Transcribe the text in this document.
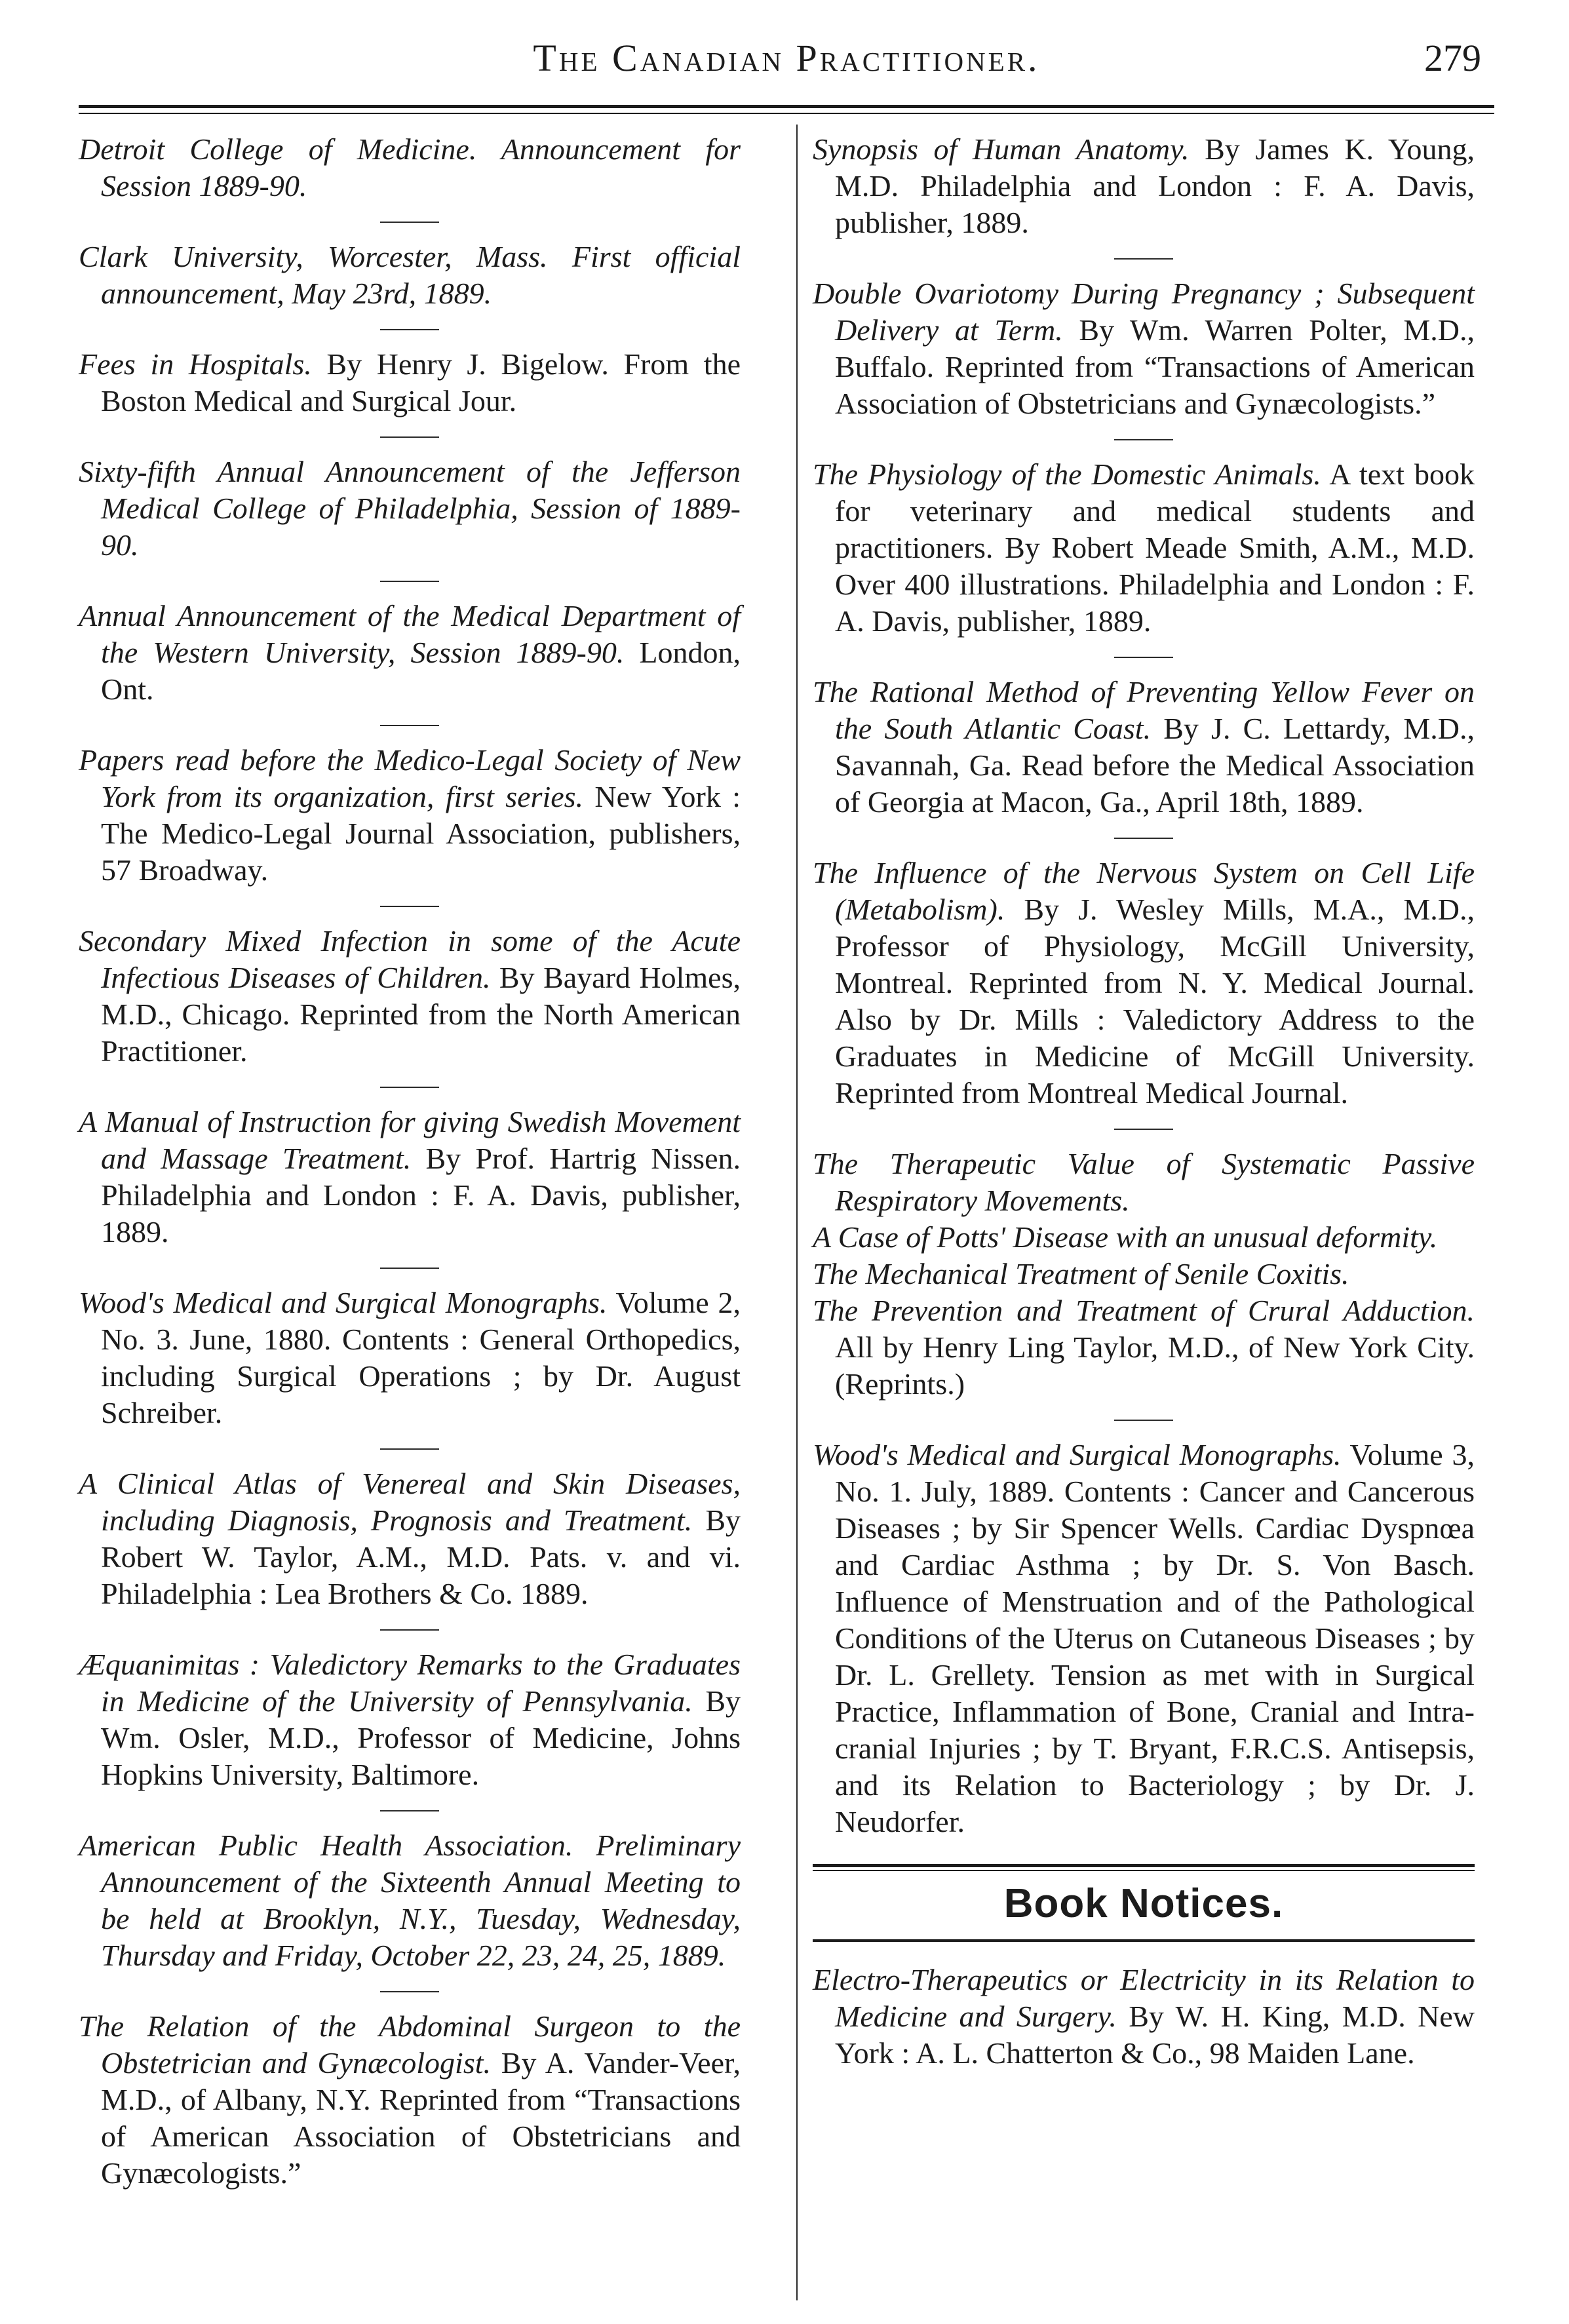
The Canadian Practitioner.	279

Detroit College of Medicine. Announcement for Session 1889-90.

Clark University, Worcester, Mass. First official announcement, May 23rd, 1889.

Fees in Hospitals. By Henry J. Bigelow. From the Boston Medical and Surgical Jour.

Sixty-fifth Annual Announcement of the Jefferson Medical College of Philadelphia, Session of 1889-90.

Annual Announcement of the Medical Department of the Western University, Session 1889-90. London, Ont.

Papers read before the Medico-Legal Society of New York from its organization, first series. New York : The Medico-Legal Journal Association, publishers, 57 Broadway.

Secondary Mixed Infection in some of the Acute Infectious Diseases of Children. By Bayard Holmes, M.D., Chicago. Reprinted from the North American Practitioner.

A Manual of Instruction for giving Swedish Movement and Massage Treatment. By Prof. Hartrig Nissen. Philadelphia and London : F. A. Davis, publisher, 1889.

Wood's Medical and Surgical Monographs. Volume 2, No. 3. June, 1880. Contents : General Orthopedics, including Surgical Operations ; by Dr. August Schreiber.

A Clinical Atlas of Venereal and Skin Diseases, including Diagnosis, Prognosis and Treatment. By Robert W. Taylor, A.M., M.D. Pats. v. and vi. Philadelphia : Lea Brothers & Co. 1889.

Æquanimitas : Valedictory Remarks to the Graduates in Medicine of the University of Pennsylvania. By Wm. Osler, M.D., Professor of Medicine, Johns Hopkins University, Baltimore.

American Public Health Association. Preliminary Announcement of the Sixteenth Annual Meeting to be held at Brooklyn, N.Y., Tuesday, Wednesday, Thursday and Friday, October 22, 23, 24, 25, 1889.

The Relation of the Abdominal Surgeon to the Obstetrician and Gynæcologist. By A. Vander-Veer, M.D., of Albany, N.Y. Reprinted from “Transactions of American Association of Obstetricians and Gynæcologists.”

Synopsis of Human Anatomy. By James K. Young, M.D. Philadelphia and London : F. A. Davis, publisher, 1889.

Double Ovariotomy During Pregnancy ; Subsequent Delivery at Term. By Wm. Warren Polter, M.D., Buffalo. Reprinted from “Transactions of American Association of Obstetricians and Gynæcologists.”

The Physiology of the Domestic Animals. A text book for veterinary and medical students and practitioners. By Robert Meade Smith, A.M., M.D. Over 400 illustrations. Philadelphia and London : F. A. Davis, publisher, 1889.

The Rational Method of Preventing Yellow Fever on the South Atlantic Coast. By J. C. Lettardy, M.D., Savannah, Ga. Read before the Medical Association of Georgia at Macon, Ga., April 18th, 1889.

The Influence of the Nervous System on Cell Life (Metabolism). By J. Wesley Mills, M.A., M.D., Professor of Physiology, McGill University, Montreal. Reprinted from N. Y. Medical Journal. Also by Dr. Mills : Valedictory Address to the Graduates in Medicine of McGill University. Reprinted from Montreal Medical Journal.

The Therapeutic Value of Systematic Passive Respiratory Movements.

A Case of Potts' Disease with an unusual deformity.

The Mechanical Treatment of Senile Coxitis.

The Prevention and Treatment of Crural Adduction. All by Henry Ling Taylor, M.D., of New York City. (Reprints.)

Wood's Medical and Surgical Monographs. Volume 3, No. 1. July, 1889. Contents : Cancer and Cancerous Diseases ; by Sir Spencer Wells. Cardiac Dyspnœa and Cardiac Asthma ; by Dr. S. Von Basch. Influence of Menstruation and of the Pathological Conditions of the Uterus on Cutaneous Diseases ; by Dr. L. Grellety. Tension as met with in Surgical Practice, Inflammation of Bone, Cranial and Intra-cranial Injuries ; by T. Bryant, F.R.C.S. Antisepsis, and its Relation to Bacteriology ; by Dr. J. Neudorfer.

Book Notices.

Electro-Therapeutics or Electricity in its Relation to Medicine and Surgery. By W. H. King, M.D. New York : A. L. Chatterton & Co., 98 Maiden Lane.
